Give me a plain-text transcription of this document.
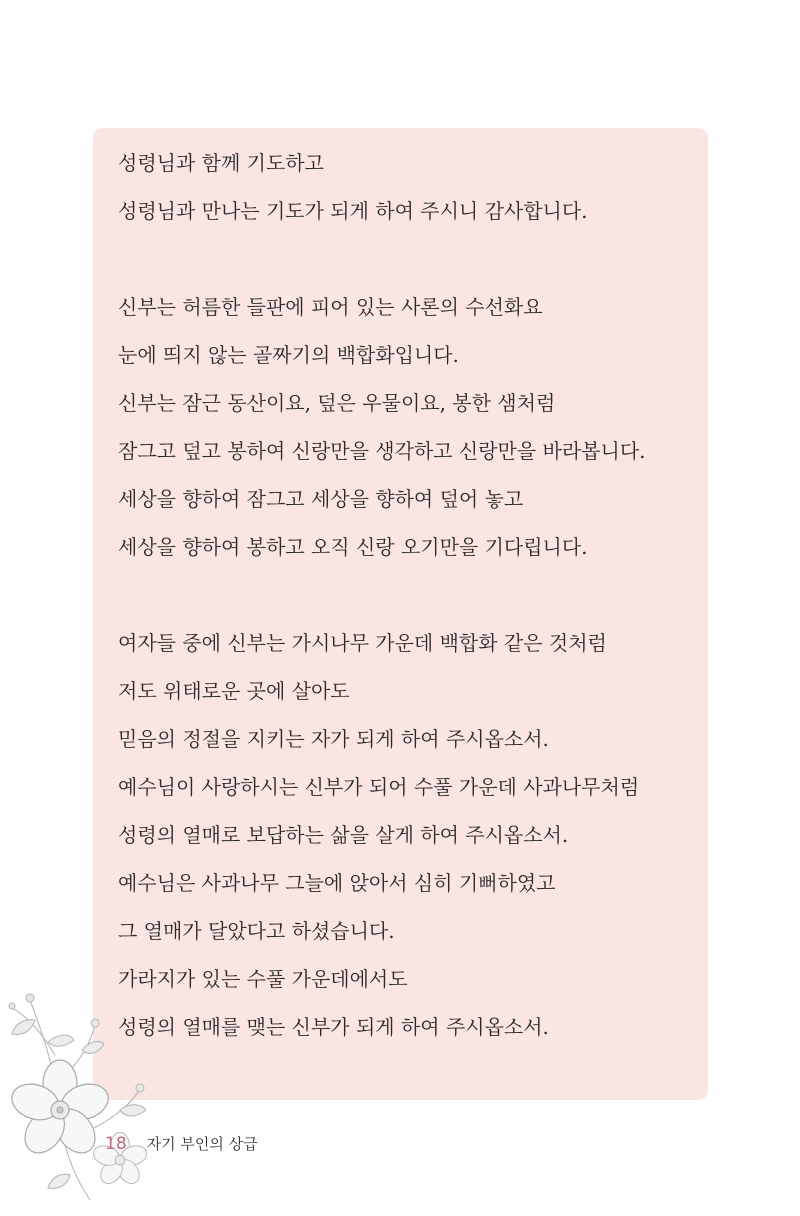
성령님과 함께 기도하고
성령님과 만나는 기도가 되게 하여 주시니 감사합니다.
신부는 허름한 들판에 피어 있는 사론의 수선화요
눈에 띄지 않는 골짜기의 백합화입니다.
신부는 잠근 동산이요, 덮은 우물이요, 봉한 샘처럼
잠그고 덮고 봉하여 신랑만을 생각하고 신랑만을 바라봅니다.
세상을 향하여 잠그고 세상을 향하여 덮어 놓고
세상을 향하여 봉하고 오직 신랑 오기만을 기다립니다.
여자들 중에 신부는 가시나무 가운데 백합화 같은 것처럼
저도 위태로운 곳에 살아도
믿음의 정절을 지키는 자가 되게 하여 주시옵소서.
예수님이 사랑하시는 신부가 되어 수풀 가운데 사과나무처럼
성령의 열매로 보답하는 삶을 살게 하여 주시옵소서.
예수님은 사과나무 그늘에 앉아서 심히 기뻐하였고
그 열매가 달았다고 하셨습니다.
가라지가 있는 수풀 가운데에서도
성령의 열매를 맺는 신부가 되게 하여 주시옵소서.
18 자기 부인의 상급
